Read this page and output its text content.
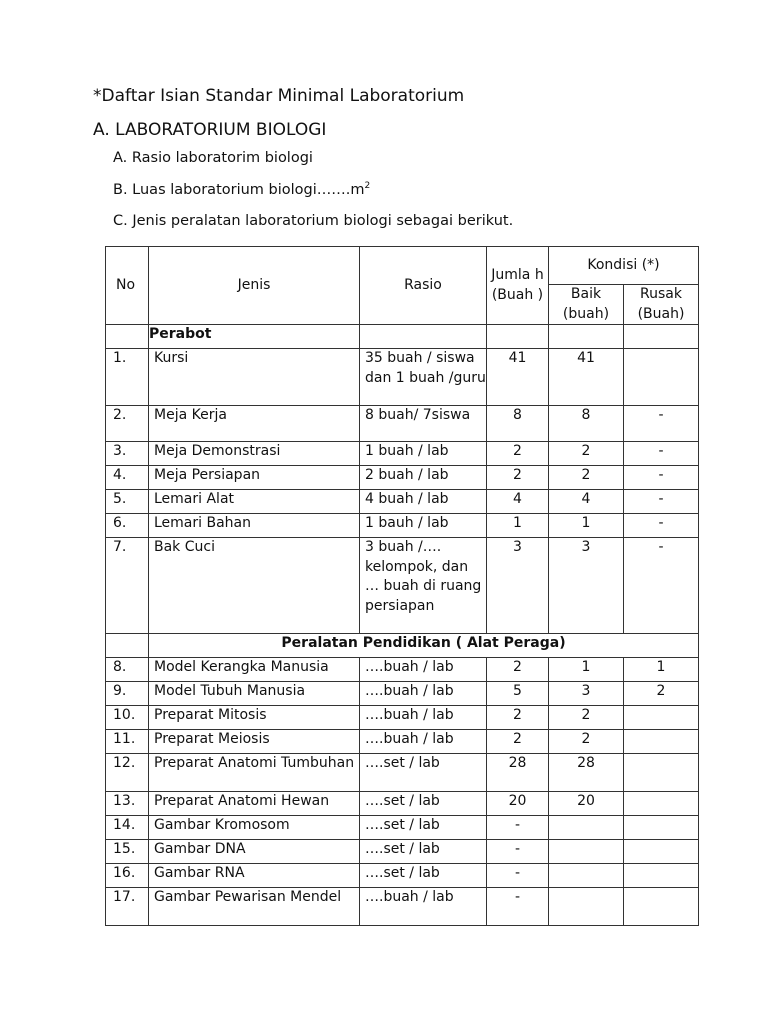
*Daftar Isian Standar Minimal Laboratorium
A. LABORATORIUM BIOLOGI
A. Rasio laboratorim biologi
B. Luas laboratorium $biologi\dots\dots.m^2$
C. Jenis peralatan laboratorium biologi sebagai berikut.
No	Jenis	Rasio	Jumla h (Buah )	Kondisi (*)	
				Baik (buah)	Rusak (Buah)
	Perabot				
1.	Kursi	35 buah / siswa dan 1 buah /guru	41	41	
2.	Meja Kerja	8 buah/ 7siswa	8	8	-
3.	Meja Demonstrasi	1 buah / lab	2	2	-
4.	Meja Persiapan	2 buah / lab	2	2	-
5.	Lemari Alat	4 buah / lab	4	4	-
6.	Lemari Bahan	1 bauh / lab	1	1	-
7.	Bak Cuci	3 buah /…. kelompok, dan … buah di ruang persiapan	3	3	-
	Peralatan Pendidikan ( Alat Peraga)				
8.	Model Kerangka Manusia	….buah / lab	2	1	1
9.	Model Tubuh Manusia	….buah / lab	5	3	2
10.	Preparat Mitosis	….buah / lab	2	2	
11.	Preparat Meiosis	….buah / lab	2	2	
12.	Preparat Anatomi Tumbuhan	….set / lab	28	28	
13.	Preparat Anatomi Hewan	….set / lab	20	20	
14.	Gambar Kromosom	….set / lab	-		
15.	Gambar DNA	….set / lab	-		
16.	Gambar RNA	….set / lab	-		
17.	Gambar Pewarisan Mendel	….buah / lab	-		
